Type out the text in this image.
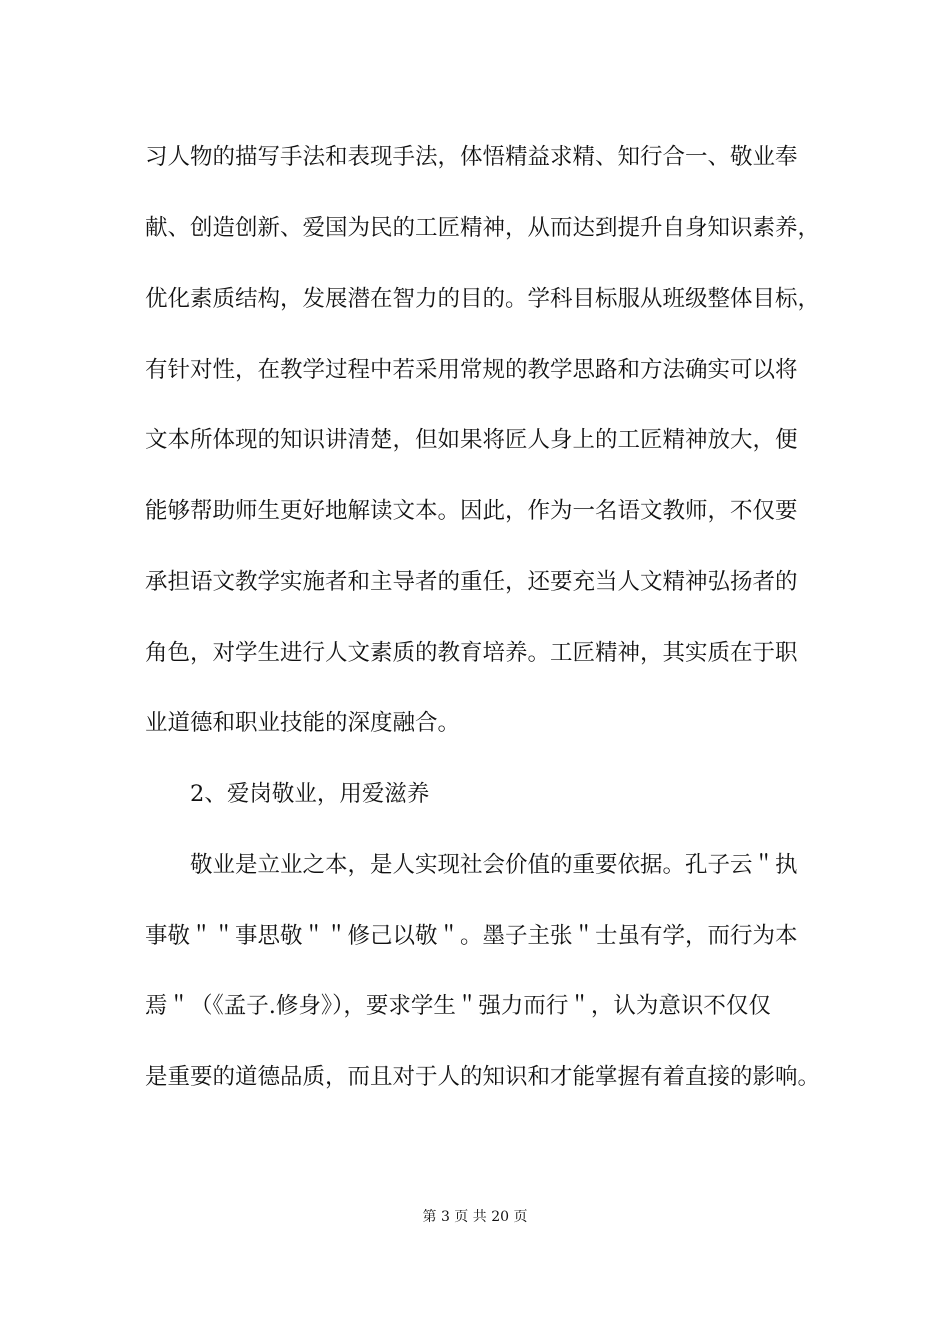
习人物的描写手法和表现手法，体悟精益求精、知行合一、敬业奉
献、创造创新、爱国为民的工匠精神，从而达到提升自身知识素养，
优化素质结构，发展潜在智力的目的。学科目标服从班级整体目标，
有针对性，在教学过程中若采用常规的教学思路和方法确实可以将
文本所体现的知识讲清楚，但如果将匠人身上的工匠精神放大，便
能够帮助师生更好地解读文本。因此，作为一名语文教师，不仅要
承担语文教学实施者和主导者的重任，还要充当人文精神弘扬者的
角色，对学生进行人文素质的教育培养。工匠精神，其实质在于职
业道德和职业技能的深度融合。
2、爱岗敬业，用爱滋养
敬业是立业之本，是人实现社会价值的重要依据。孔子云＂执
事敬＂＂事思敬＂＂修己以敬＂。墨子主张＂士虽有学，而行为本
焉＂（《孟子.修身》），要求学生＂强力而行＂，认为意识不仅仅
是重要的道德品质，而且对于人的知识和才能掌握有着直接的影响。
第 3 页 共 20 页
